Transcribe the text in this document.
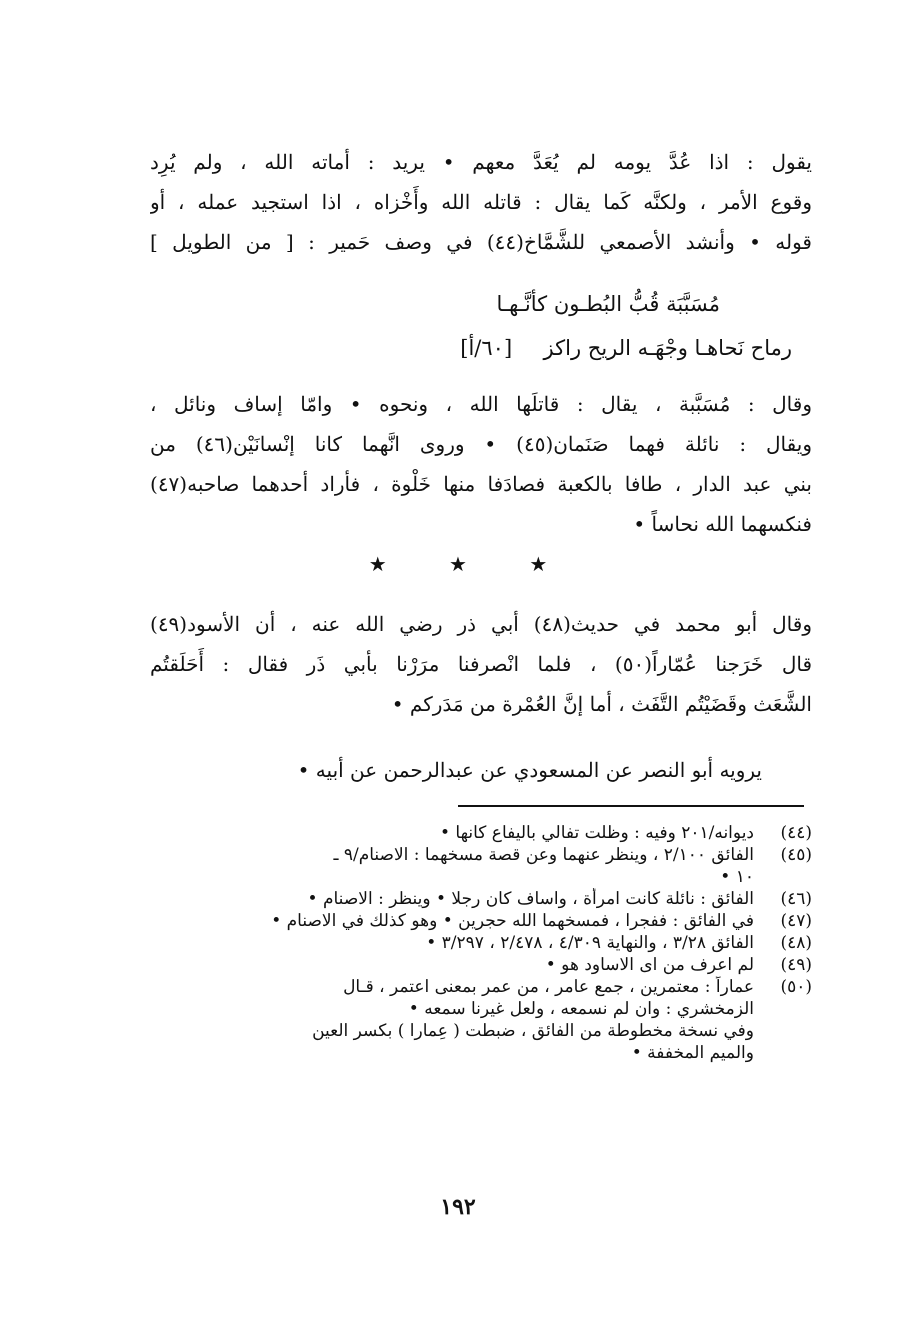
يقول : اذا عُدَّ يومه لم يُعَدَّ معهم • يريد : أماته الله ، ولم يُرِد
وقوع الأمر ، ولكنَّه كَما يقال : قاتله الله وأَخْزاه ، اذا استجيد عمله ، أو
قوله • وأنشد الأصمعي للشَّمَّاخ(٤٤) في وصف حَمير : [ من الطويل ]
مُسَبَّبَة قُبُّ البُطـون كأنَّـهـا
رماح نَحاهـا وجْهَـه الريح راكز  [٦٠/أ]
وقال : مُسَبَّبة ، يقال : قاتلَها الله ، ونحوه • وامّا إساف ونائل ،
ويقال : نائلة فهما صَنَمان(٤٥) • وروى انَّهما كانا إنْسانَيْن(٤٦) من
بني عبد الدار ، طافا بالكعبة فصادَفا منها خَلْوة ، فأراد أحدهما صاحبه(٤٧)
فنكسهما الله نحاساً •
★	★	★
وقال أبو محمد في حديث(٤٨) أبي ذر رضي الله عنه ، أن الأسود(٤٩)
قال خَرَجنا عُمّاراً(٥٠) ، فلما انْصرفنا مرَرْنا بأبي ذَر فقال : أَحَلَقتُم
الشَّعَث وقَضَيْتُم التَّفَث ، أما إنَّ العُمْرة من مَدَركم •
يرويه أبو النصر عن المسعودي عن عبدالرحمن عن أبيه •
(٤٤)
ديوانه/٢٠١ وفيه : وظلت تفالي باليفاع كانها •
(٤٥)
الفائق ٢/١٠٠ ، وينظر عنهما وعن قصة مسخهما : الاصنام/٩ ـ
١٠ •
(٤٦)
الفائق : نائلة كانت امرأة ، واساف كان رجلا • وينظر : الاصنام •
(٤٧)
في الفائق : ففجرا ، فمسخهما الله حجرين • وهو كذلك في الاصنام •
(٤٨)
الفائق ٣/٢٨ ، والنهاية ٤/٣٠٩ ، ٢/٤٧٨ ، ٣/٢٩٧ •
(٤٩)
لم اعرف من اى الاساود هو •
(٥٠)
عماراً : معتمرين ، جمع عامر ، من عمر بمعنى اعتمر ، قـال
الزمخشري : وان لم نسمعه ، ولعل غيرنا سمعه •
وفي نسخة مخطوطة من الفائق ، ضبطت ( عِمارا ) بكسر العين
والميم المخففة •
١٩٢
